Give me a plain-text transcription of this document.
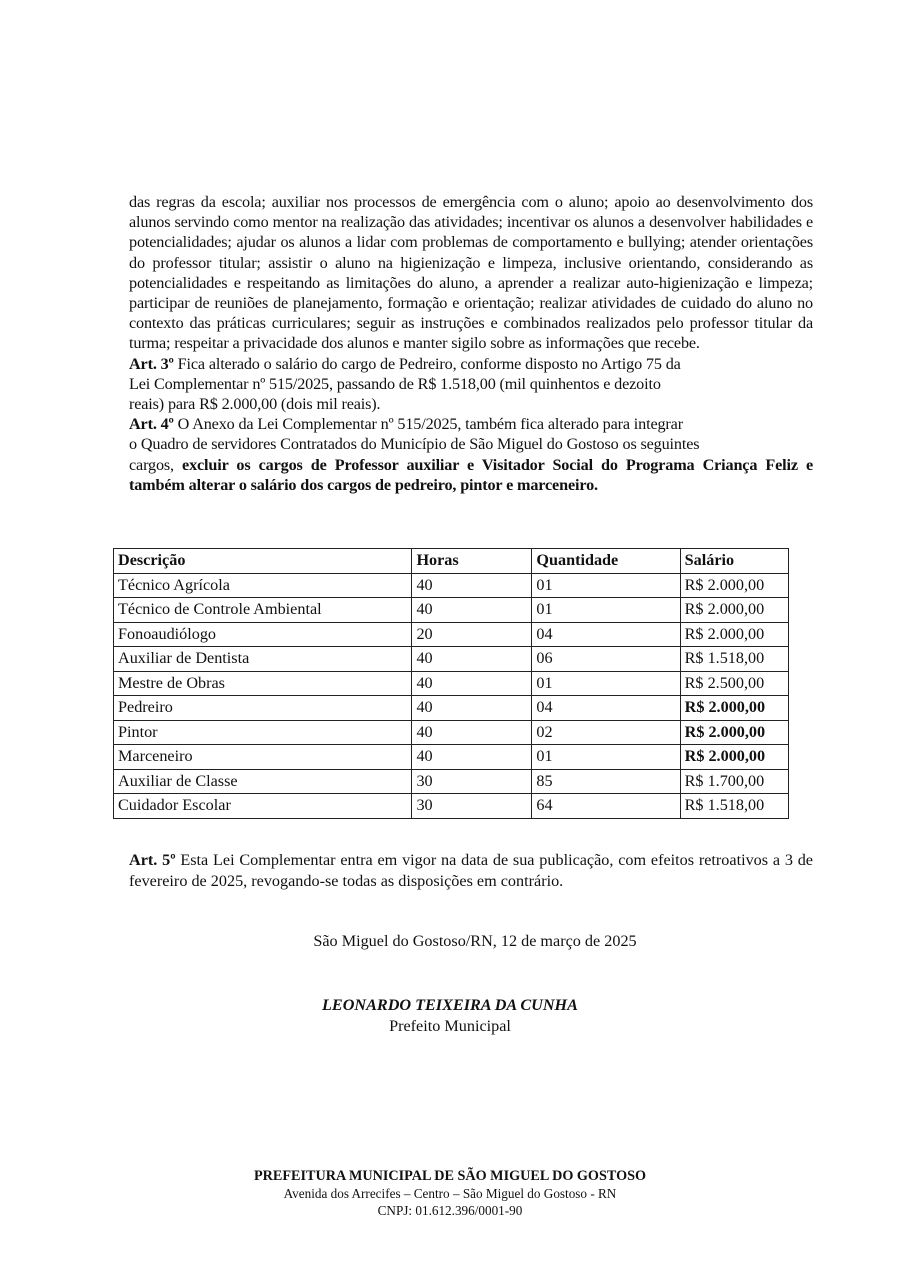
das regras da escola; auxiliar nos processos de emergência com o aluno; apoio ao desenvolvimento dos alunos servindo como mentor na realização das atividades; incentivar os alunos a desenvolver habilidades e potencialidades; ajudar os alunos a lidar com problemas de comportamento e bullying; atender orientações do professor titular; assistir o aluno na higienização e limpeza, inclusive orientando, considerando as potencialidades e respeitando as limitações do aluno, a aprender a realizar auto-higienização e limpeza; participar de reuniões de planejamento, formação e orientação; realizar atividades de cuidado do aluno no contexto das práticas curriculares; seguir as instruções e combinados realizados pelo professor titular da turma; respeitar a privacidade dos alunos e manter sigilo sobre as informações que recebe.

Art. 3º Fica alterado o salário do cargo de Pedreiro, conforme disposto no Artigo 75 da
Lei Complementar nº 515/2025, passando de R$ 1.518,00 (mil quinhentos e dezoito
reais) para R$ 2.000,00 (dois mil reais).

Art. 4º O Anexo da Lei Complementar nº 515/2025, também fica alterado para integrar
o Quadro de servidores Contratados do Município de São Miguel do Gostoso os seguintes
cargos, excluir os cargos de Professor auxiliar e Visitador Social do Programa Criança Feliz e também alterar o salário dos cargos de pedreiro, pintor e marceneiro.

Descrição	Horas	Quantidade	Salário
Técnico Agrícola	40	01	R$ 2.000,00
Técnico de Controle Ambiental	40	01	R$ 2.000,00
Fonoaudiólogo	20	04	R$ 2.000,00
Auxiliar de Dentista	40	06	R$ 1.518,00
Mestre de Obras	40	01	R$ 2.500,00
Pedreiro	40	04	R$ 2.000,00
Pintor	40	02	R$ 2.000,00
Marceneiro	40	01	R$ 2.000,00
Auxiliar de Classe	30	85	R$ 1.700,00
Cuidador Escolar	30	64	R$ 1.518,00

Art. 5º Esta Lei Complementar entra em vigor na data de sua publicação, com efeitos retroativos a 3 de fevereiro de 2025, revogando-se todas as disposições em contrário.

São Miguel do Gostoso/RN, 12 de março de 2025
LEONARDO TEIXEIRA DA CUNHA
Prefeito Municipal
PREFEITURA MUNICIPAL DE SÃO MIGUEL DO GOSTOSO
Avenida dos Arrecifes – Centro – São Miguel do Gostoso - RN
CNPJ: 01.612.396/0001-90
